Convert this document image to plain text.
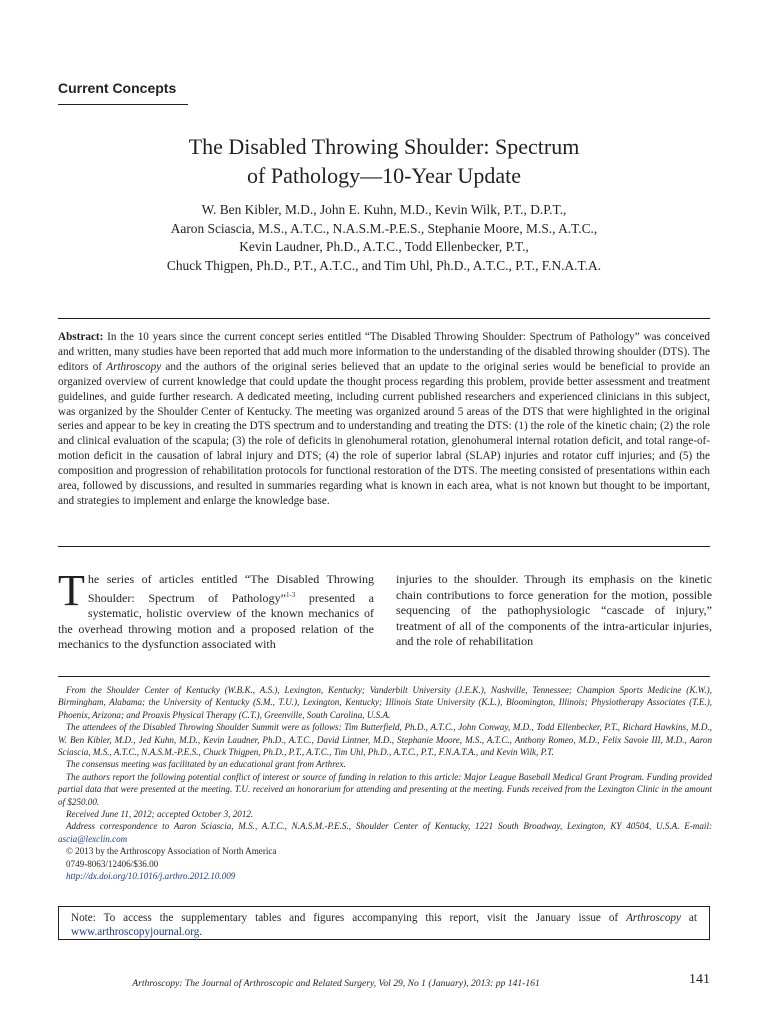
Current Concepts
The Disabled Throwing Shoulder: Spectrum
of Pathology—10-Year Update
W. Ben Kibler, M.D., John E. Kuhn, M.D., Kevin Wilk, P.T., D.P.T.,
Aaron Sciascia, M.S., A.T.C., N.A.S.M.-P.E.S., Stephanie Moore, M.S., A.T.C.,
Kevin Laudner, Ph.D., A.T.C., Todd Ellenbecker, P.T.,
Chuck Thigpen, Ph.D., P.T., A.T.C., and Tim Uhl, Ph.D., A.T.C., P.T., F.N.A.T.A.
Abstract: In the 10 years since the current concept series entitled “The Disabled Throwing Shoulder: Spectrum of Pathology” was conceived and written, many studies have been reported that add much more information to the understanding of the disabled throwing shoulder (DTS). The editors of Arthroscopy and the authors of the original series believed that an update to the original series would be beneficial to provide an organized overview of current knowledge that could update the thought process regarding this problem, provide better assessment and treatment guidelines, and guide further research. A dedicated meeting, including current published researchers and experienced clinicians in this subject, was organized by the Shoulder Center of Kentucky. The meeting was organized around 5 areas of the DTS that were highlighted in the original series and appear to be key in creating the DTS spectrum and to understanding and treating the DTS: (1) the role of the kinetic chain; (2) the role and clinical evaluation of the scapula; (3) the role of deficits in glenohumeral rotation, glenohumeral internal rotation deficit, and total range-of-motion deficit in the causation of labral injury and DTS; (4) the role of superior labral (SLAP) injuries and rotator cuff injuries; and (5) the composition and progression of rehabilitation protocols for functional restoration of the DTS. The meeting consisted of presentations within each area, followed by discussions, and resulted in summaries regarding what is known in each area, what is not known but thought to be important, and strategies to implement and enlarge the knowledge base.
The series of articles entitled “The Disabled Throwing Shoulder: Spectrum of Pathology”$^{1-3}$ presented a systematic, holistic overview of the known mechanics of the overhead throwing motion and a proposed relation of the mechanics to the dysfunction associated with
injuries to the shoulder. Through its emphasis on the kinetic chain contributions to force generation for the motion, possible sequencing of the pathophysiologic “cascade of injury,” treatment of all of the components of the intra-articular injuries, and the role of rehabilitation

From the Shoulder Center of Kentucky (W.B.K., A.S.), Lexington, Kentucky; Vanderbilt University (J.E.K.), Nashville, Tennessee; Champion Sports Medicine (K.W.), Birmingham, Alabama; the University of Kentucky (S.M., T.U.), Lexington, Kentucky; Illinois State University (K.L.), Bloomington, Illinois; Physiotherapy Associates (T.E.), Phoenix, Arizona; and Proaxis Physical Therapy (C.T.), Greenville, South Carolina, U.S.A.

The attendees of the Disabled Throwing Shoulder Summit were as follows: Tim Butterfield, Ph.D., A.T.C., John Conway, M.D., Todd Ellenbecker, P.T., Richard Hawkins, M.D., W. Ben Kibler, M.D., Jed Kuhn, M.D., Kevin Laudner, Ph.D., A.T.C., David Lintner, M.D., Stephanie Moore, M.S., A.T.C., Anthony Romeo, M.D., Felix Savoie III, M.D., Aaron Sciascia, M.S., A.T.C., N.A.S.M.-P.E.S., Chuck Thigpen, Ph.D., P.T., A.T.C., Tim Uhl, Ph.D., A.T.C., P.T., F.N.A.T.A., and Kevin Wilk, P.T.

The consensus meeting was facilitated by an educational grant from Arthrex.

The authors report the following potential conflict of interest or source of funding in relation to this article: Major League Baseball Medical Grant Program. Funding provided partial data that were presented at the meeting. T.U. received an honorarium for attending and presenting at the meeting. Funds received from the Lexington Clinic in the amount of $250.00.

Received June 11, 2012; accepted October 3, 2012.

Address correspondence to Aaron Sciascia, M.S., A.T.C., N.A.S.M.-P.E.S., Shoulder Center of Kentucky, 1221 South Broadway, Lexington, KY 40504, U.S.A. E-mail: ascia@lexclin.com

© 2013 by the Arthroscopy Association of North America

0749-8063/12406/$36.00

http://dx.doi.org/10.1016/j.arthro.2012.10.009

Note: To access the supplementary tables and figures accompanying this report, visit the January issue of Arthroscopy at www.arthroscopyjournal.org.
Arthroscopy: The Journal of Arthroscopic and Related Surgery, Vol 29, No 1 (January), 2013: pp 141-161	141
